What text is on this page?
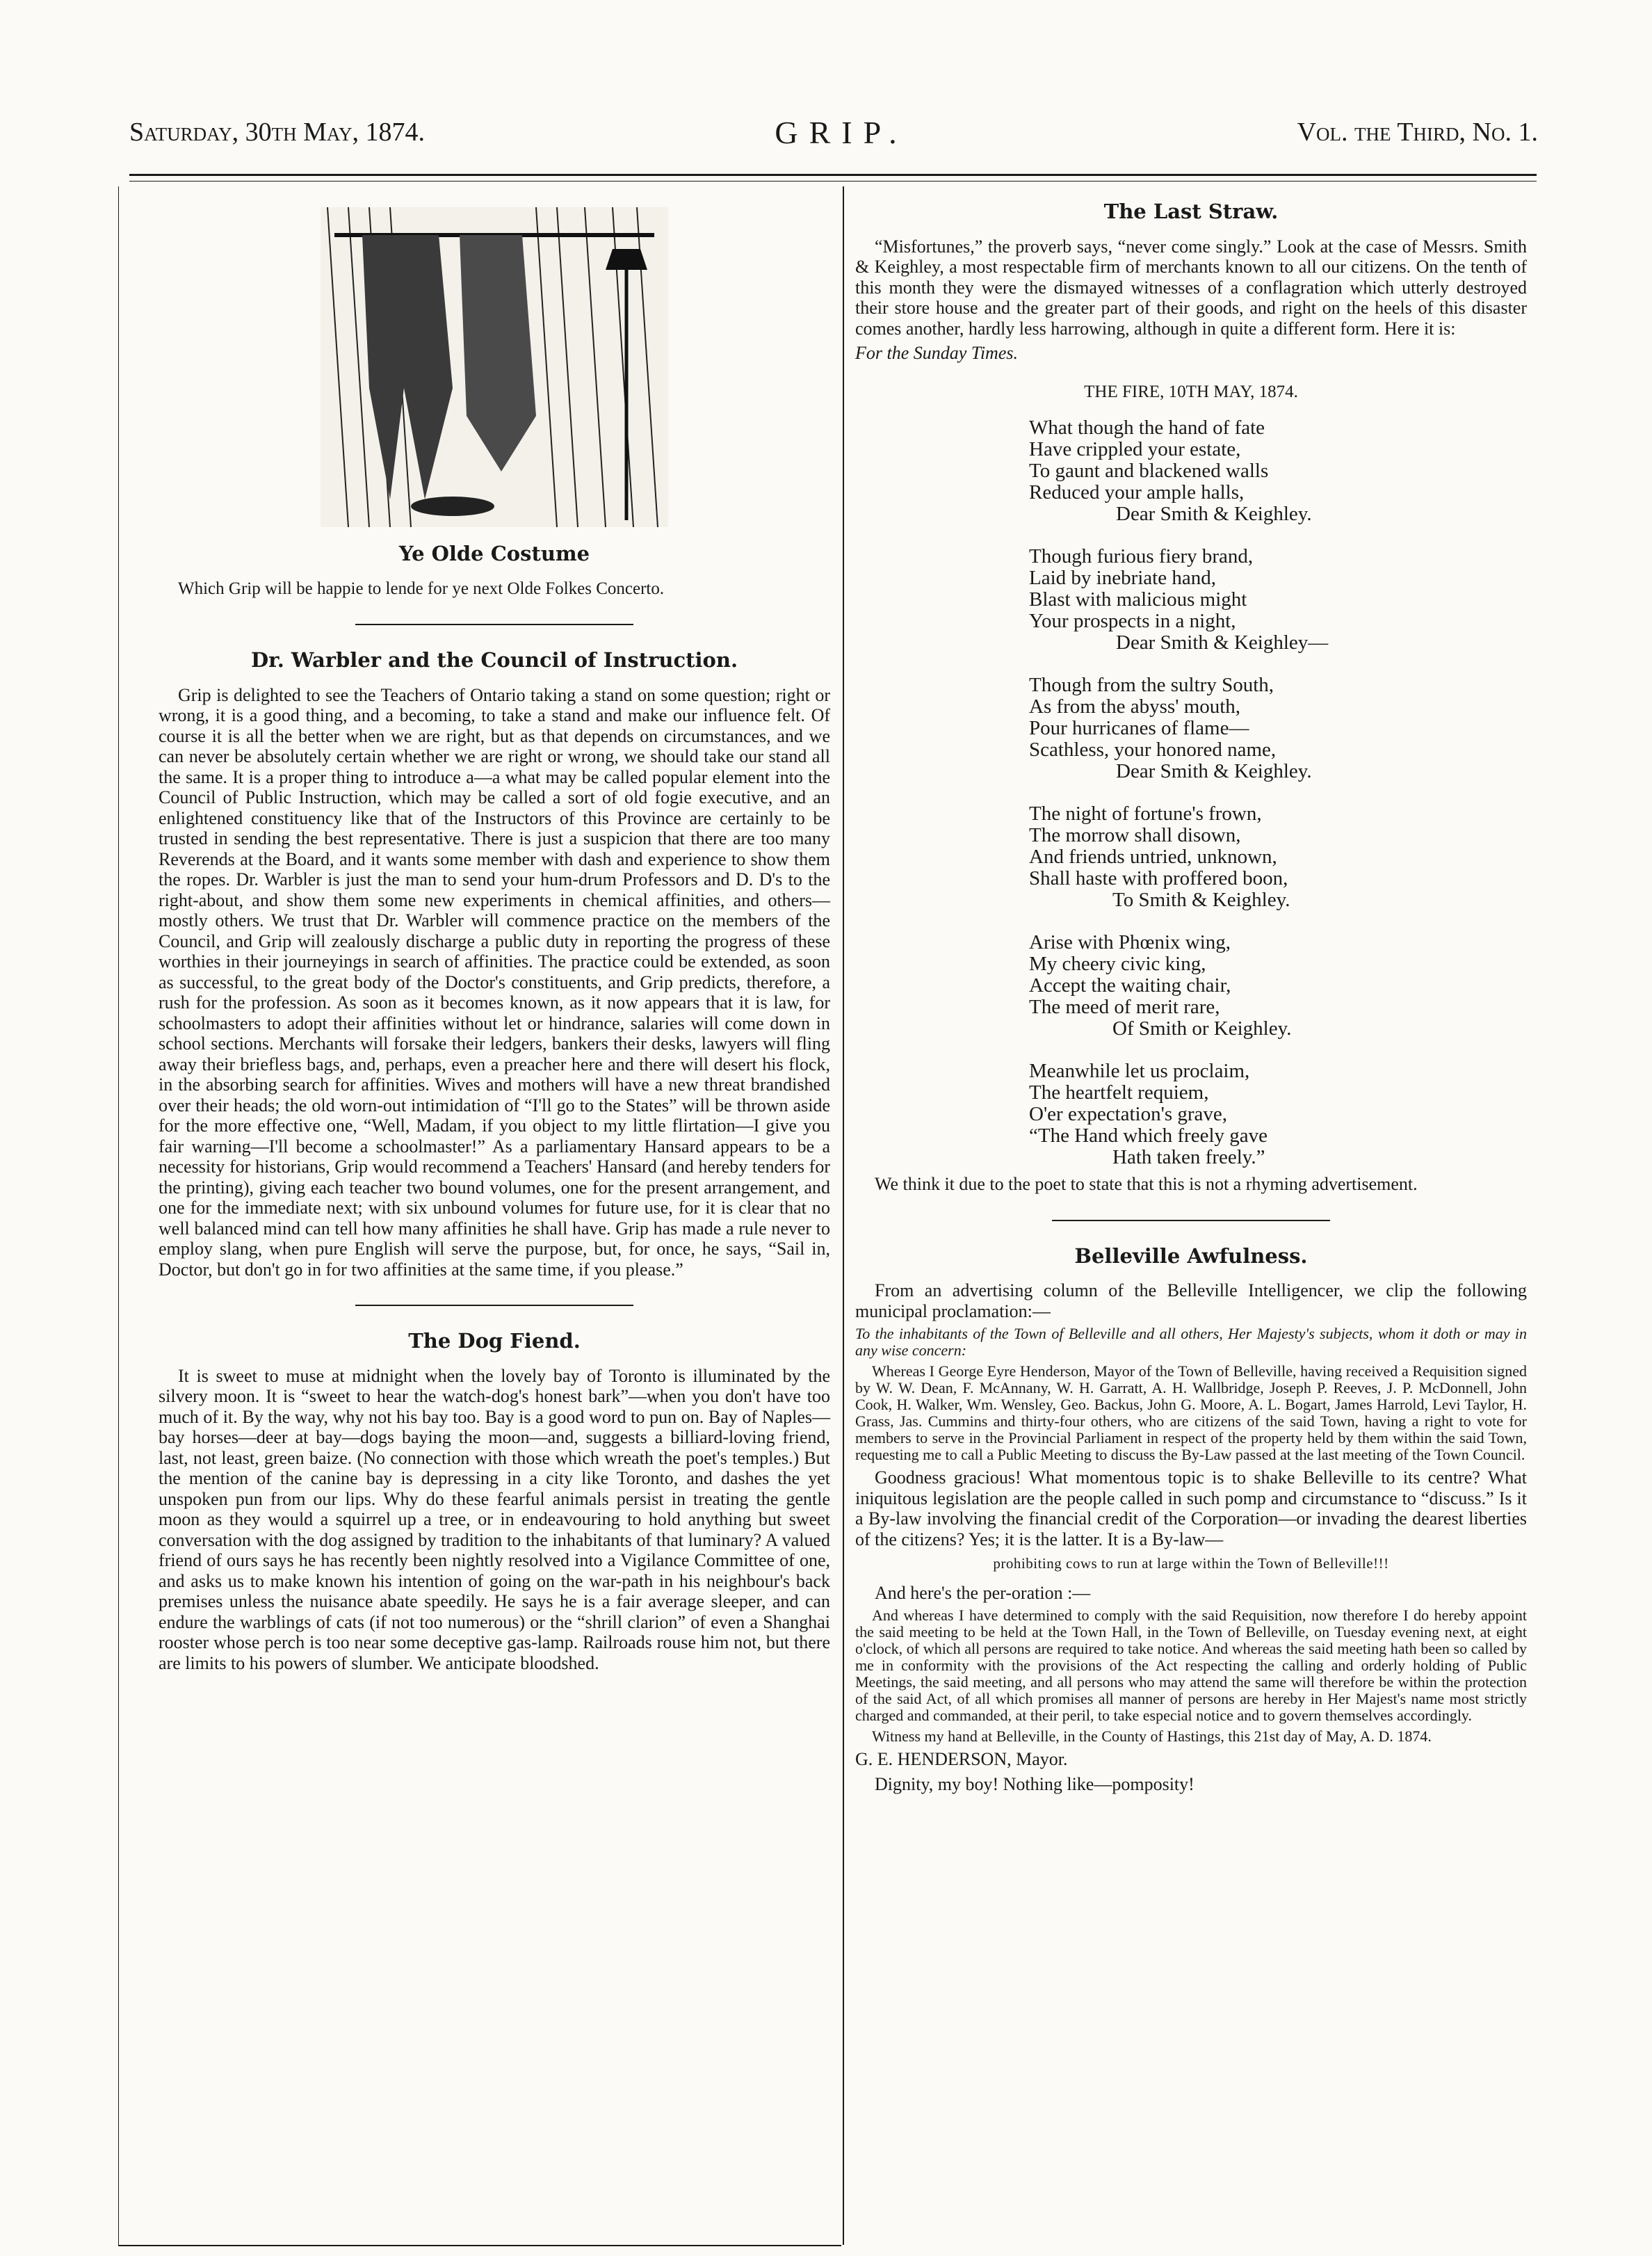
Saturday, 30th May, 1874.	GRIP.	Vol. the Third, No. 1.
Ye Olde Costume

Which Grip will be happie to lende for ye next Olde Folkes Concerto.

Dr. Warbler and the Council of Instruction.

Grip is delighted to see the Teachers of Ontario taking a stand on some question; right or wrong, it is a good thing, and a becoming, to take a stand and make our influence felt. Of course it is all the better when we are right, but as that depends on circumstances, and we can never be absolutely certain whether we are right or wrong, we should take our stand all the same. It is a proper thing to introduce a—a what may be called popular element into the Council of Public Instruction, which may be called a sort of old fogie executive, and an enlightened constituency like that of the Instructors of this Province are certainly to be trusted in sending the best representative. There is just a suspicion that there are too many Reverends at the Board, and it wants some member with dash and experience to show them the ropes. Dr. Warbler is just the man to send your hum-drum Professors and D. D's to the right-about, and show them some new experiments in chemical affinities, and others—mostly others. We trust that Dr. Warbler will commence practice on the members of the Council, and Grip will zealously discharge a public duty in reporting the progress of these worthies in their journeyings in search of affinities. The practice could be extended, as soon as successful, to the great body of the Doctor's constituents, and Grip predicts, therefore, a rush for the profession. As soon as it becomes known, as it now appears that it is law, for schoolmasters to adopt their affinities without let or hindrance, salaries will come down in school sections. Merchants will forsake their ledgers, bankers their desks, lawyers will fling away their briefless bags, and, perhaps, even a preacher here and there will desert his flock, in the absorbing search for affinities. Wives and mothers will have a new threat brandished over their heads; the old worn-out intimidation of “I'll go to the States” will be thrown aside for the more effective one, “Well, Madam, if you object to my little flirtation—I give you fair warning—I'll become a schoolmaster!” As a parliamentary Hansard appears to be a necessity for historians, Grip would recommend a Teachers' Hansard (and hereby tenders for the printing), giving each teacher two bound volumes, one for the present arrangement, and one for the immediate next; with six unbound volumes for future use, for it is clear that no well balanced mind can tell how many affinities he shall have. Grip has made a rule never to employ slang, when pure English will serve the purpose, but, for once, he says, “Sail in, Doctor, but don't go in for two affinities at the same time, if you please.”

The Dog Fiend.

It is sweet to muse at midnight when the lovely bay of Toronto is illuminated by the silvery moon. It is “sweet to hear the watch-dog's honest bark”—when you don't have too much of it. By the way, why not his bay too. Bay is a good word to pun on. Bay of Naples—bay horses—deer at bay—dogs baying the moon—and, suggests a billiard-loving friend, last, not least, green baize. (No connection with those which wreath the poet's temples.) But the mention of the canine bay is depressing in a city like Toronto, and dashes the yet unspoken pun from our lips. Why do these fearful animals persist in treating the gentle moon as they would a squirrel up a tree, or in endeavouring to hold anything but sweet conversation with the dog assigned by tradition to the inhabitants of that luminary? A valued friend of ours says he has recently been nightly resolved into a Vigilance Committee of one, and asks us to make known his intention of going on the war-path in his neighbour's back premises unless the nuisance abate speedily. He says he is a fair average sleeper, and can endure the warblings of cats (if not too numerous) or the “shrill clarion” of even a Shanghai rooster whose perch is too near some deceptive gas-lamp. Railroads rouse him not, but there are limits to his powers of slumber. We anticipate bloodshed.

The Last Straw.

“Misfortunes,” the proverb says, “never come singly.” Look at the case of Messrs. Smith & Keighley, a most respectable firm of merchants known to all our citizens. On the tenth of this month they were the dismayed witnesses of a conflagration which utterly destroyed their store house and the greater part of their goods, and right on the heels of this disaster comes another, hardly less harrowing, although in quite a different form. Here it is:

For the Sunday Times.

THE FIRE, 10TH MAY, 1874.
What though the hand of fate
Have crippled your estate,
To gaunt and blackened walls
Reduced your ample halls,
Dear Smith & Keighley.
Though furious fiery brand,
Laid by inebriate hand,
Blast with malicious might
Your prospects in a night,
Dear Smith & Keighley—
Though from the sultry South,
As from the abyss' mouth,
Pour hurricanes of flame—
Scathless, your honored name,
Dear Smith & Keighley.
The night of fortune's frown,
The morrow shall disown,
And friends untried, unknown,
Shall haste with proffered boon,
To Smith & Keighley.
Arise with Phœnix wing,
My cheery civic king,
Accept the waiting chair,
The meed of merit rare,
Of Smith or Keighley.
Meanwhile let us proclaim,
The heartfelt requiem,
O'er expectation's grave,
“The Hand which freely gave
Hath taken freely.”

We think it due to the poet to state that this is not a rhyming advertisement.

Belleville Awfulness.

From an advertising column of the Belleville Intelligencer, we clip the following municipal proclamation:—

To the inhabitants of the Town of Belleville and all others, Her Majesty's subjects, whom it doth or may in any wise concern:

Whereas I George Eyre Henderson, Mayor of the Town of Belleville, having received a Requisition signed by W. W. Dean, F. McAnnany, W. H. Garratt, A. H. Wallbridge, Joseph P. Reeves, J. P. McDonnell, John Cook, H. Walker, Wm. Wensley, Geo. Backus, John G. Moore, A. L. Bogart, James Harrold, Levi Taylor, H. Grass, Jas. Cummins and thirty-four others, who are citizens of the said Town, having a right to vote for members to serve in the Provincial Parliament in respect of the property held by them within the said Town, requesting me to call a Public Meeting to discuss the By-Law passed at the last meeting of the Town Council.

Goodness gracious! What momentous topic is to shake Belleville to its centre? What iniquitous legislation are the people called in such pomp and circumstance to “discuss.” Is it a By-law involving the financial credit of the Corporation—or invading the dearest liberties of the citizens? Yes; it is the latter. It is a By-law—

prohibiting cows to run at large within the Town of Belleville!!!

And here's the per-oration :—

And whereas I have determined to comply with the said Requisition, now therefore I do hereby appoint the said meeting to be held at the Town Hall, in the Town of Belleville, on Tuesday evening next, at eight o'clock, of which all persons are required to take notice. And whereas the said meeting hath been so called by me in conformity with the provisions of the Act respecting the calling and orderly holding of Public Meetings, the said meeting, and all persons who may attend the same will therefore be within the protection of the said Act, of all which promises all manner of persons are hereby in Her Majest's name most strictly charged and commanded, at their peril, to take especial notice and to govern themselves accordingly.

Witness my hand at Belleville, in the County of Hastings, this 21st day of May, A. D. 1874.

G. E. HENDERSON, Mayor.

Dignity, my boy! Nothing like—pomposity!
